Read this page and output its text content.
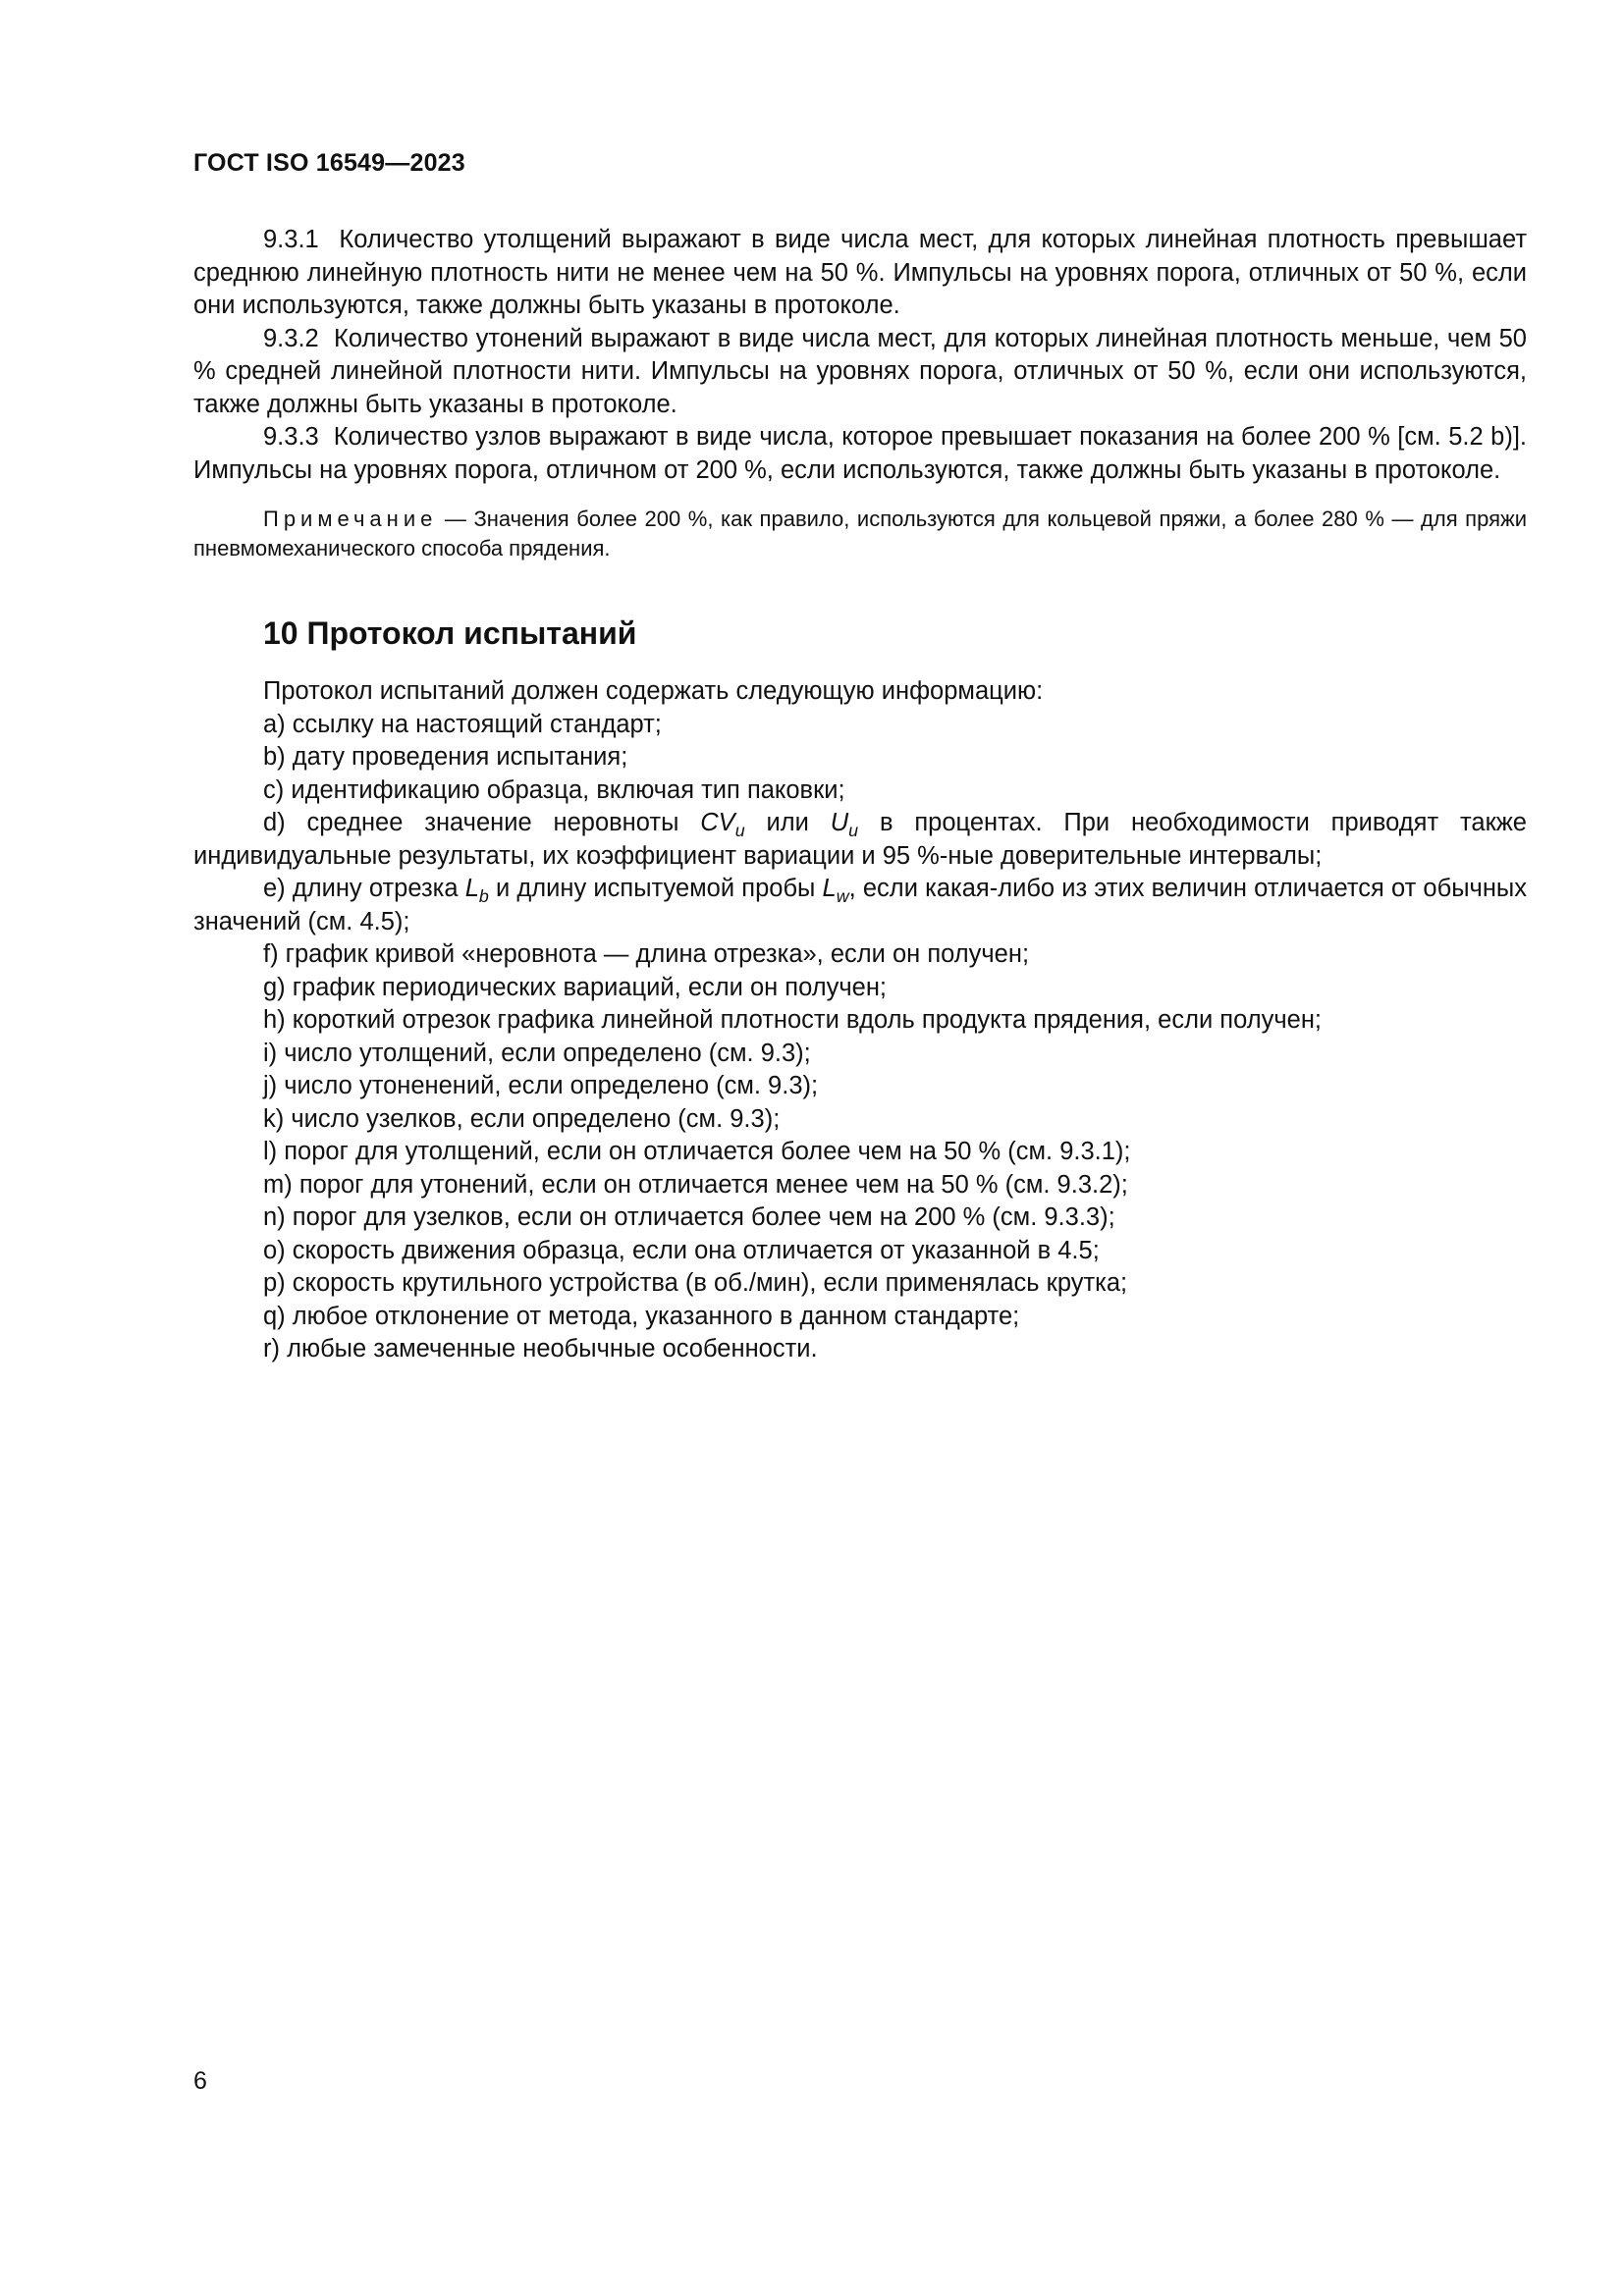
ГОСТ ISO 16549—2023

9.3.1 Количество утолщений выражают в виде числа мест, для которых линейная плотность превышает среднюю линейную плотность нити не менее чем на 50 %. Импульсы на уровнях порога, отличных от 50 %, если они используются, также должны быть указаны в протоколе.

9.3.2 Количество утонений выражают в виде числа мест, для которых линейная плотность меньше, чем 50 % средней линейной плотности нити. Импульсы на уровнях порога, отличных от 50 %, если они используются, также должны быть указаны в протоколе.

9.3.3 Количество узлов выражают в виде числа, которое превышает показания на более 200 % [см. 5.2 b)]. Импульсы на уровнях порога, отличном от 200 %, если используются, также должны быть указаны в протоколе.

Примечание — Значения более 200 %, как правило, используются для кольцевой пряжи, а более 280 % — для пряжи пневмомеханического способа прядения.

10 Протокол испытаний

Протокол испытаний должен содержать следующую информацию:

a) ссылку на настоящий стандарт;

b) дату проведения испытания;

c) идентификацию образца, включая тип паковки;

d) среднее значение неровноты $CV_u$ или $U_u$ в процентах. При необходимости приводят также индивидуальные результаты, их коэффициент вариации и 95 %-ные доверительные интервалы;

e) длину отрезка $L_b$ и длину испытуемой пробы $L_w$, если какая-либо из этих величин отличается от обычных значений (см. 4.5);

f) график кривой «неровнота — длина отрезка», если он получен;

g) график периодических вариаций, если он получен;

h) короткий отрезок графика линейной плотности вдоль продукта прядения, если получен;

i) число утолщений, если определено (см. 9.3);

j) число утоненений, если определено (см. 9.3);

k) число узелков, если определено (см. 9.3);

l) порог для утолщений, если он отличается более чем на 50 % (см. 9.3.1);

m) порог для утонений, если он отличается менее чем на 50 % (см. 9.3.2);

n) порог для узелков, если он отличается более чем на 200 % (см. 9.3.3);

o) скорость движения образца, если она отличается от указанной в 4.5;

p) скорость крутильного устройства (в об./мин), если применялась крутка;

q) любое отклонение от метода, указанного в данном стандарте;

r) любые замеченные необычные особенности.

6
